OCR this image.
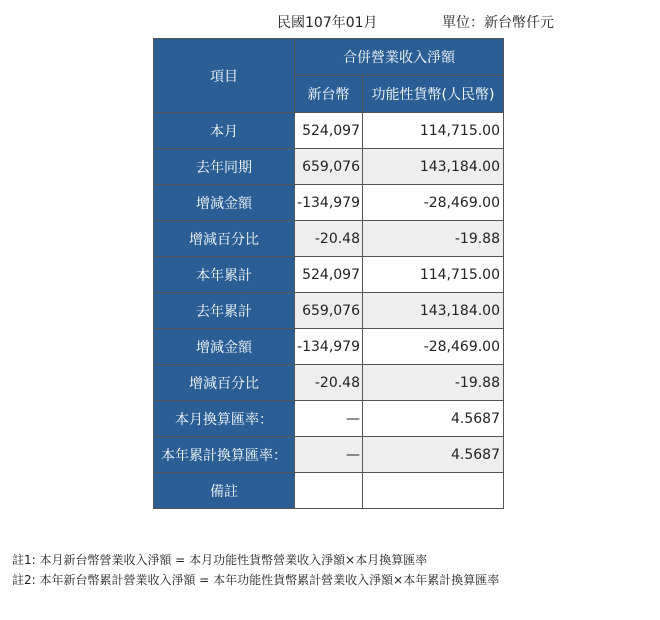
民國107年01月	單位：新台幣仟元
項目	合併營業收入淨額	
	新台幣	功能性貨幣(人民幣)
本月	524,097	114,715.00
去年同期	659,076	143,184.00
增減金額	-134,979	-28,469.00
增減百分比	-20.48	-19.88
本年累計	524,097	114,715.00
去年累計	659,076	143,184.00
增減金額	-134,979	-28,469.00
增減百分比	-20.48	-19.88
本月換算匯率：	—	4.5687
本年累計換算匯率：	—	4.5687
備註		
註1: 本月新台幣營業收入淨額 = 本月功能性貨幣營業收入淨額×本月換算匯率
註2: 本年新台幣累計營業收入淨額 = 本年功能性貨幣累計營業收入淨額×本年累計換算匯率
